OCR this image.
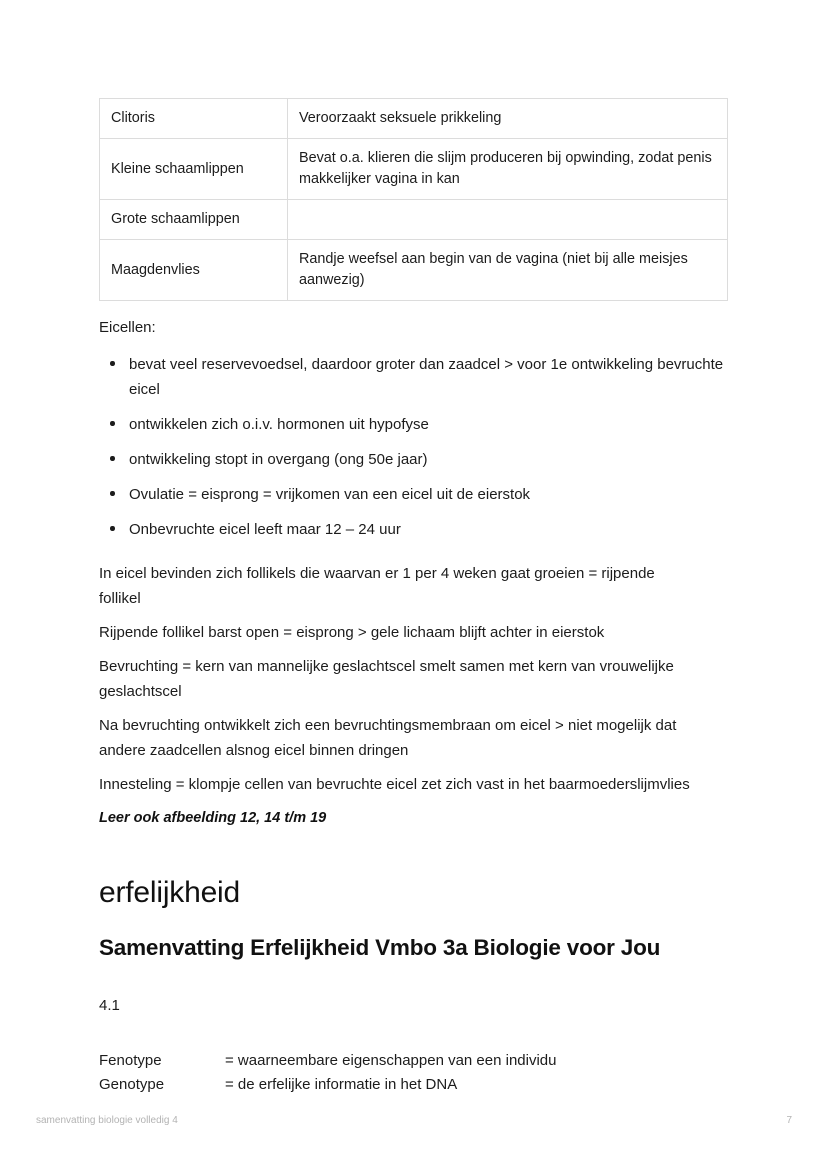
Clitoris	Veroorzaakt seksuele prikkeling
Kleine schaamlippen	Bevat o.a. klieren die slijm produceren bij opwinding, zodat penis makkelijker vagina in kan
Grote schaamlippen	
Maagdenvlies	Randje weefsel aan begin van de vagina (niet bij alle meisjes aanwezig)

Eicellen:

bevat veel reservevoedsel, daardoor groter dan zaadcel > voor 1e ontwikkeling bevruchte eicel
ontwikkelen zich o.i.v. hormonen uit hypofyse
ontwikkeling stopt in overgang (ong 50e jaar)
Ovulatie = eisprong = vrijkomen van een eicel uit de eierstok
Onbevruchte eicel leeft maar 12 – 24 uur

In eicel bevinden zich follikels die waarvan er 1 per 4 weken gaat groeien = rijpende follikel

Rijpende follikel barst open = eisprong > gele lichaam blijft achter in eierstok

Bevruchting = kern van mannelijke geslachtscel smelt samen met kern van vrouwelijke geslachtscel

Na bevruchting ontwikkelt zich een bevruchtingsmembraan om eicel > niet mogelijk dat andere zaadcellen alsnog eicel binnen dringen

Innesteling = klompje cellen van bevruchte eicel zet zich vast in het baarmoederslijmvlies

Leer ook afbeelding 12, 14 t/m 19

erfelijkheid
Samenvatting Erfelijkheid Vmbo 3a Biologie voor Jou

4.1

Fenotype	= waarneembare eigenschappen van een individu
Genotype	= de erfelijke informatie in het DNA
samenvatting biologie volledig 4	7
